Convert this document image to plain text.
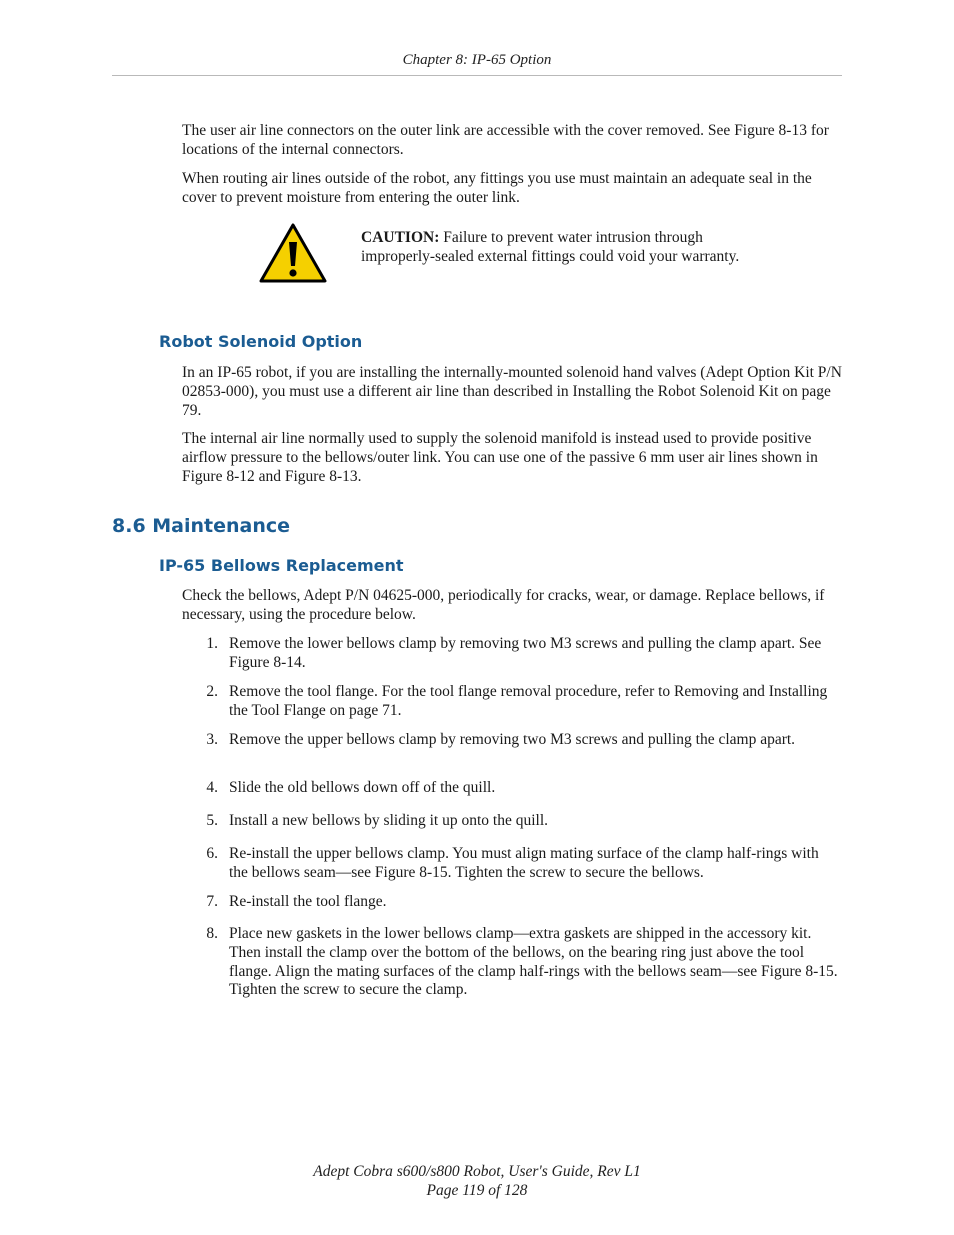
Chapter 8: IP-65 Option

The user air line connectors on the outer link are accessible with the cover removed. See Figure 8-13 for locations of the internal connectors.

When routing air lines outside of the robot, any fittings you use must maintain an adequate seal in the cover to prevent moisture from entering the outer link.

CAUTION: Failure to prevent water intrusion through improperly-sealed external fittings could void your warranty.

Robot Solenoid Option

In an IP-65 robot, if you are installing the internally-mounted solenoid hand valves (Adept Option Kit P/N 02853-000), you must use a different air line than described in Installing the Robot Solenoid Kit on page 79.

The internal air line normally used to supply the solenoid manifold is instead used to provide positive airflow pressure to the bellows/outer link. You can use one of the passive 6 mm user air lines shown in Figure 8-12 and Figure 8-13.

8.6 Maintenance
IP-65 Bellows Replacement

Check the bellows, Adept P/N 04625-000, periodically for cracks, wear, or damage. Replace bellows, if necessary, using the procedure below.

1. Remove the lower bellows clamp by removing two M3 screws and pulling the clamp apart. See Figure 8-14.
2. Remove the tool flange. For the tool flange removal procedure, refer to Removing and Installing the Tool Flange on page 71.
3. Remove the upper bellows clamp by removing two M3 screws and pulling the clamp apart.
4. Slide the old bellows down off of the quill.
5. Install a new bellows by sliding it up onto the quill.
6. Re-install the upper bellows clamp. You must align mating surface of the clamp half-rings with the bellows seam—see Figure 8-15. Tighten the screw to secure the bellows.
7. Re-install the tool flange.
8. Place new gaskets in the lower bellows clamp—extra gaskets are shipped in the accessory kit. Then install the clamp over the bottom of the bellows, on the bearing ring just above the tool flange. Align the mating surfaces of the clamp half-rings with the bellows seam—see Figure 8-15. Tighten the screw to secure the clamp.
Adept Cobra s600/s800 Robot, User's Guide, Rev L1
Page 119 of 128
